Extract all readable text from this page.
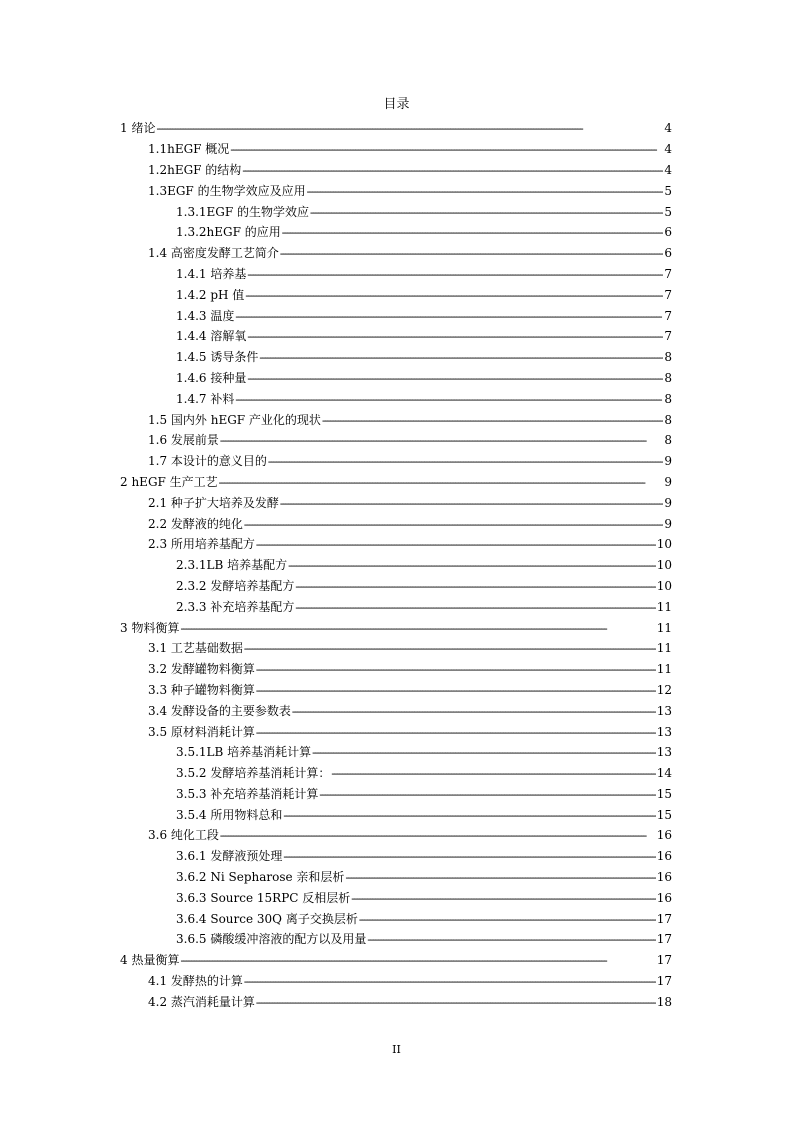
目录
1 绪论 - - -	4
1.1hEGF 概况 - - -	4
1.2hEGF 的结构 - - -	4
1.3EGF 的生物学效应及应用 - - -	5
1.3.1EGF 的生物学效应 - - -	5
1.3.2hEGF 的应用 - - -	6
1.4 高密度发酵工艺简介 - - -	6
1.4.1 培养基 - - -	7
1.4.2 pH 值 - - -	7
1.4.3 温度 - - -	7
1.4.4 溶解氧 - - -	7
1.4.5 诱导条件 - - -	8
1.4.6 接种量 - - -	8
1.4.7 补料 - - -	8
1.5 国内外 hEGF 产业化的现状 - - -	8
1.6 发展前景 - - -	8
1.7 本设计的意义目的 - - -	9
2 hEGF 生产工艺 - - -	9
2.1 种子扩大培养及发酵 - - -	9
2.2 发酵液的纯化 - - -	9
2.3 所用培养基配方 - - -	10
2.3.1LB 培养基配方 - - -	10
2.3.2 发酵培养基配方 - - -	10
2.3.3 补充培养基配方 - - -	11
3 物料衡算 - - -	11
3.1 工艺基础数据 - - -	11
3.2 发酵罐物料衡算 - - -	11
3.3 种子罐物料衡算 - - -	12
3.4 发酵设备的主要参数表 - - -	13
3.5 原材料消耗计算 - - -	13
3.5.1LB 培养基消耗计算 - - -	13
3.5.2 发酵培养基消耗计算： - - -	14
3.5.3 补充培养基消耗计算 - - -	15
3.5.4 所用物料总和 - - -	15
3.6 纯化工段 - - -	16
3.6.1 发酵液预处理 - - -	16
3.6.2 Ni Sepharose 亲和层析 - - -	16
3.6.3 Source 15RPC 反相层析 - - -	16
3.6.4 Source 30Q 离子交换层析 - - -	17
3.6.5 磷酸缓冲溶液的配方以及用量 - - -	17
4 热量衡算 - - -	17
4.1 发酵热的计算 - - -	17
4.2 蒸汽消耗量计算 - - -	18
II
